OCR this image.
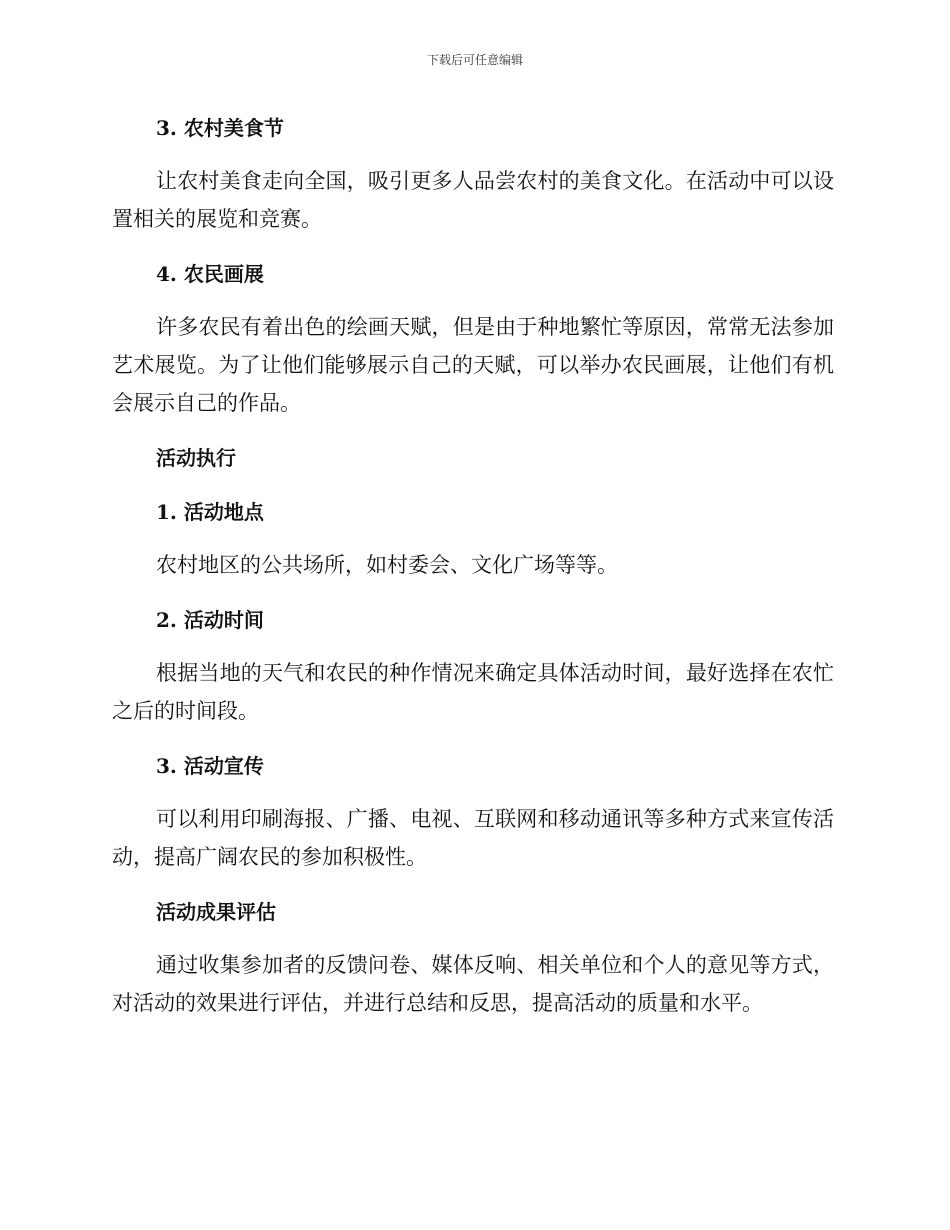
下载后可任意编辑
3. 农村美食节

让农村美食走向全国，吸引更多人品尝农村的美食文化。在活动中可以设置相关的展览和竞赛。

4. 农民画展

许多农民有着出色的绘画天赋，但是由于种地繁忙等原因，常常无法参加艺术展览。为了让他们能够展示自己的天赋，可以举办农民画展，让他们有机会展示自己的作品。

活动执行
1. 活动地点

农村地区的公共场所，如村委会、文化广场等等。

2. 活动时间

根据当地的天气和农民的种作情况来确定具体活动时间，最好选择在农忙之后的时间段。

3. 活动宣传

可以利用印刷海报、广播、电视、互联网和移动通讯等多种方式来宣传活动，提高广阔农民的参加积极性。

活动成果评估

通过收集参加者的反馈问卷、媒体反响、相关单位和个人的意见等方式，对活动的效果进行评估，并进行总结和反思，提高活动的质量和水平。
